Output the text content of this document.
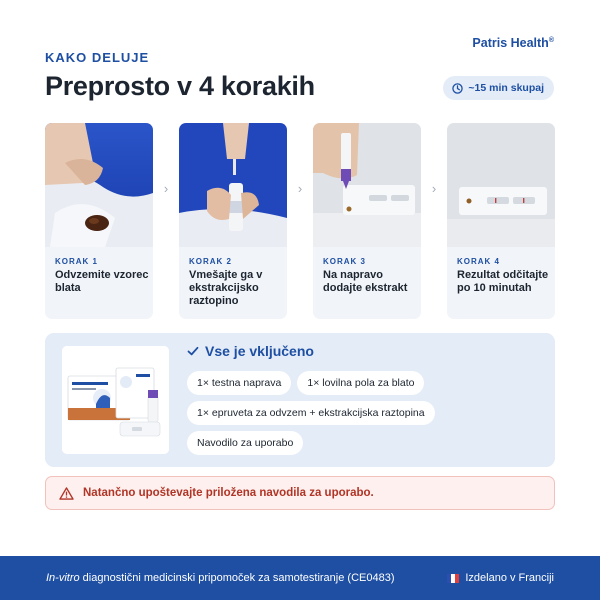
KAKO DELUJE
Patris Health®
Preprosto v 4 korakih	~15 min skupaj
KORAK 1
Odvzemite vzorec blata
›
KORAK 2
Vmešajte ga v ekstrakcijsko raztopino
›
KORAK 3
Na napravo dodajte ekstrakt
›
KORAK 4
Rezultat odčitajte po 10 minutah
Vse je vključeno
1× testna naprava	1× lovilna pola za blato
1× epruveta za odvzem + ekstrakcijska raztopina
Navodilo za uporabo
Natančno upoštevajte priložena navodila za uporabo.
In-vitro diagnostični medicinski pripomoček za samotestiranje (CE0483)	Izdelano v Franciji
